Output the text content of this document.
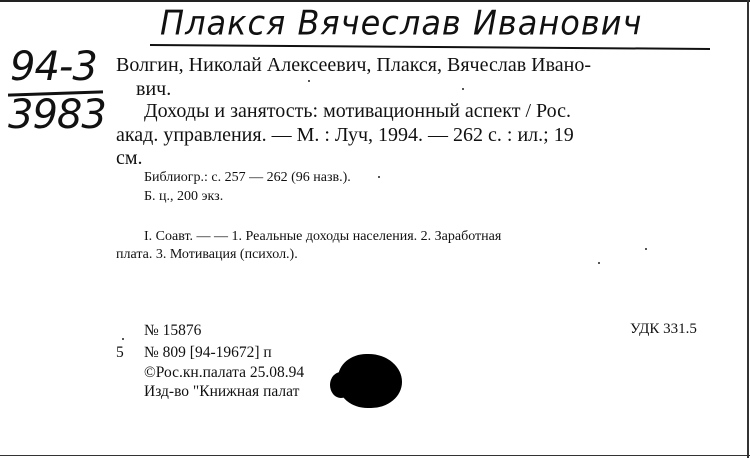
Плакся Вячеслав Иванович
94-3
3983
Волгин, Николай Алексеевич, Плакся, Вячеслав Ивано-
вич.
Доходы и занятость: мотивационный аспект / Рос.
акад. управления. — М. : Луч, 1994. — 262 с. : ил.; 19
см.
Библиогр.: с. 257 — 262 (96 назв.).
Б. ц., 200 экз.
I. Соавт. — — 1. Реальные доходы населения. 2. Заработная
плата. 3. Мотивация (психол.).
№ 15876	УДК 331.5
5 № 809 [94-19672] п
©Рос.кн.палата 25.08.94
Изд-во "Книжная палат
